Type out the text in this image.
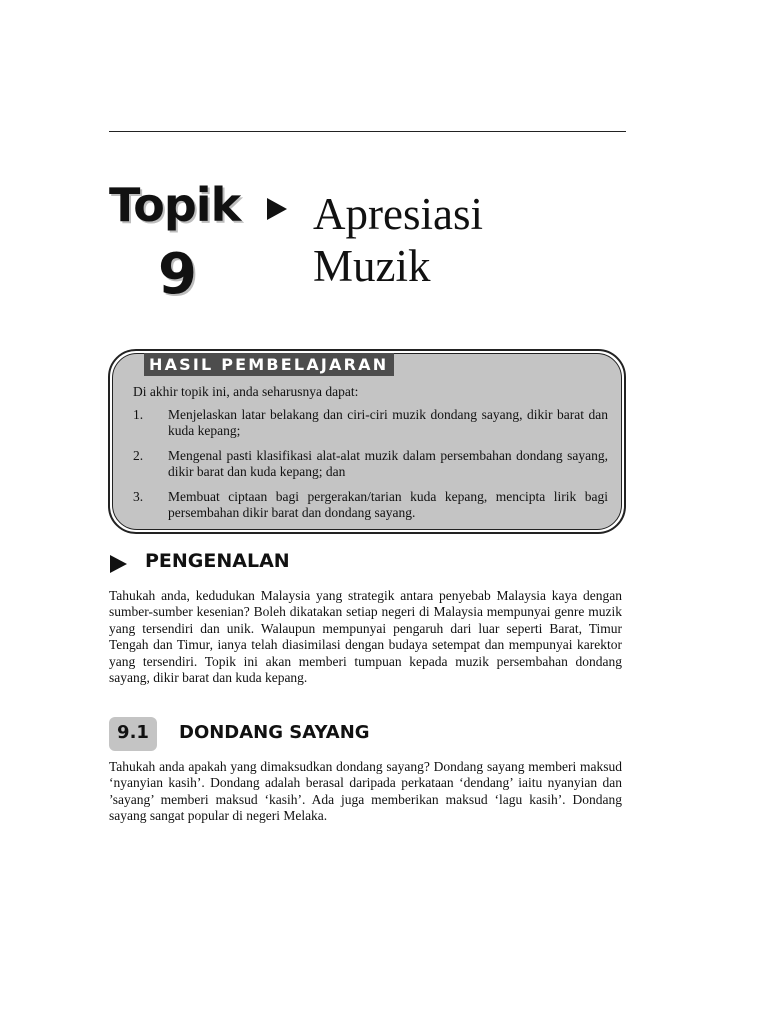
Topik
9
Apresiasi
Muzik
HASIL PEMBELAJARAN
Di akhir topik ini, anda seharusnya dapat:
1.	Menjelaskan latar belakang dan ciri-ciri muzik dondang sayang, dikir barat dan kuda kepang;
2.	Mengenal pasti klasifikasi alat-alat muzik dalam persembahan dondang sayang, dikir barat dan kuda kepang; dan
3.	Membuat ciptaan bagi pergerakan/tarian kuda kepang, mencipta lirik bagi persembahan dikir barat dan dondang sayang.
PENGENALAN
Tahukah anda, kedudukan Malaysia yang strategik antara penyebab Malaysia kaya dengan sumber-sumber kesenian? Boleh dikatakan setiap negeri di Malaysia mempunyai genre muzik yang tersendiri dan unik. Walaupun mempunyai pengaruh dari luar seperti Barat, Timur Tengah dan Timur, ianya telah diasimilasi dengan budaya setempat dan mempunyai karektor yang tersendiri. Topik ini akan memberi tumpuan kepada muzik persembahan dondang sayang, dikir barat dan kuda kepang.
9.1	DONDANG SAYANG
Tahukah anda apakah yang dimaksudkan dondang sayang? Dondang sayang memberi maksud ‘nyanyian kasih’. Dondang adalah berasal daripada perkataan ‘dendang’ iaitu nyanyian dan ’sayang’ memberi maksud ‘kasih’. Ada juga memberikan maksud ‘lagu kasih’. Dondang sayang sangat popular di negeri Melaka.
